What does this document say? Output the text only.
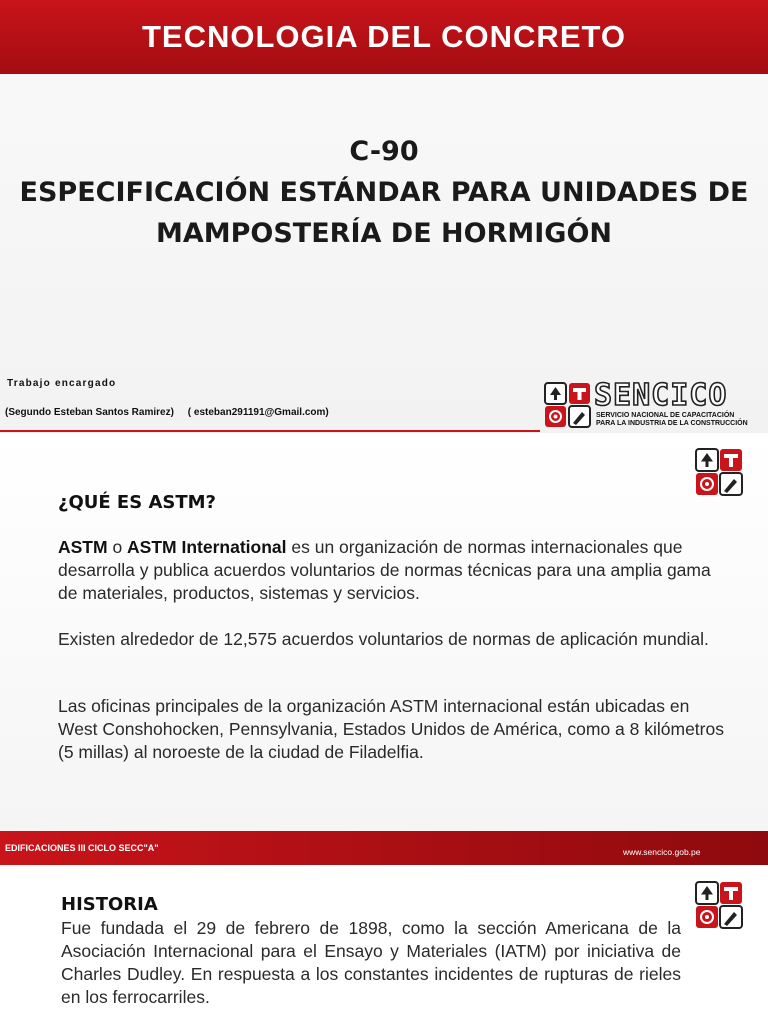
TECNOLOGIA DEL CONCRETO
C-90
ESPECIFICACIÓN ESTÁNDAR PARA UNIDADES DE
MAMPOSTERÍA DE HORMIGÓN
Trabajo encargado
(Segundo Esteban Santos Ramirez)     ( esteban291191@Gmail.com)	SENCICO
SERVICIO NACIONAL DE CAPACITACIÓN
PARA LA INDUSTRIA DE LA CONSTRUCCIÓN
¿QUÉ ES ASTM?
ASTM o ASTM International es un organización de normas internacionales que desarrolla y publica acuerdos voluntarios de normas técnicas para una amplia gama de materiales, productos, sistemas y servicios.
Existen alrededor de 12,575 acuerdos voluntarios de normas de aplicación mundial.
Las oficinas principales de la organización ASTM internacional están ubicadas en West Conshohocken, Pennsylvania, Estados Unidos de América, como a 8 kilómetros (5 millas) al noroeste de la ciudad de Filadelfia.
EDIFICACIONES III CICLO SECC"A"	www.sencico.gob.pe
HISTORIA
Fue fundada el 29 de febrero de 1898, como la sección Americana de la Asociación Internacional para el Ensayo y Materiales (IATM) por iniciativa de Charles Dudley. En respuesta a los constantes incidentes de rupturas de rieles en los ferrocarriles.
